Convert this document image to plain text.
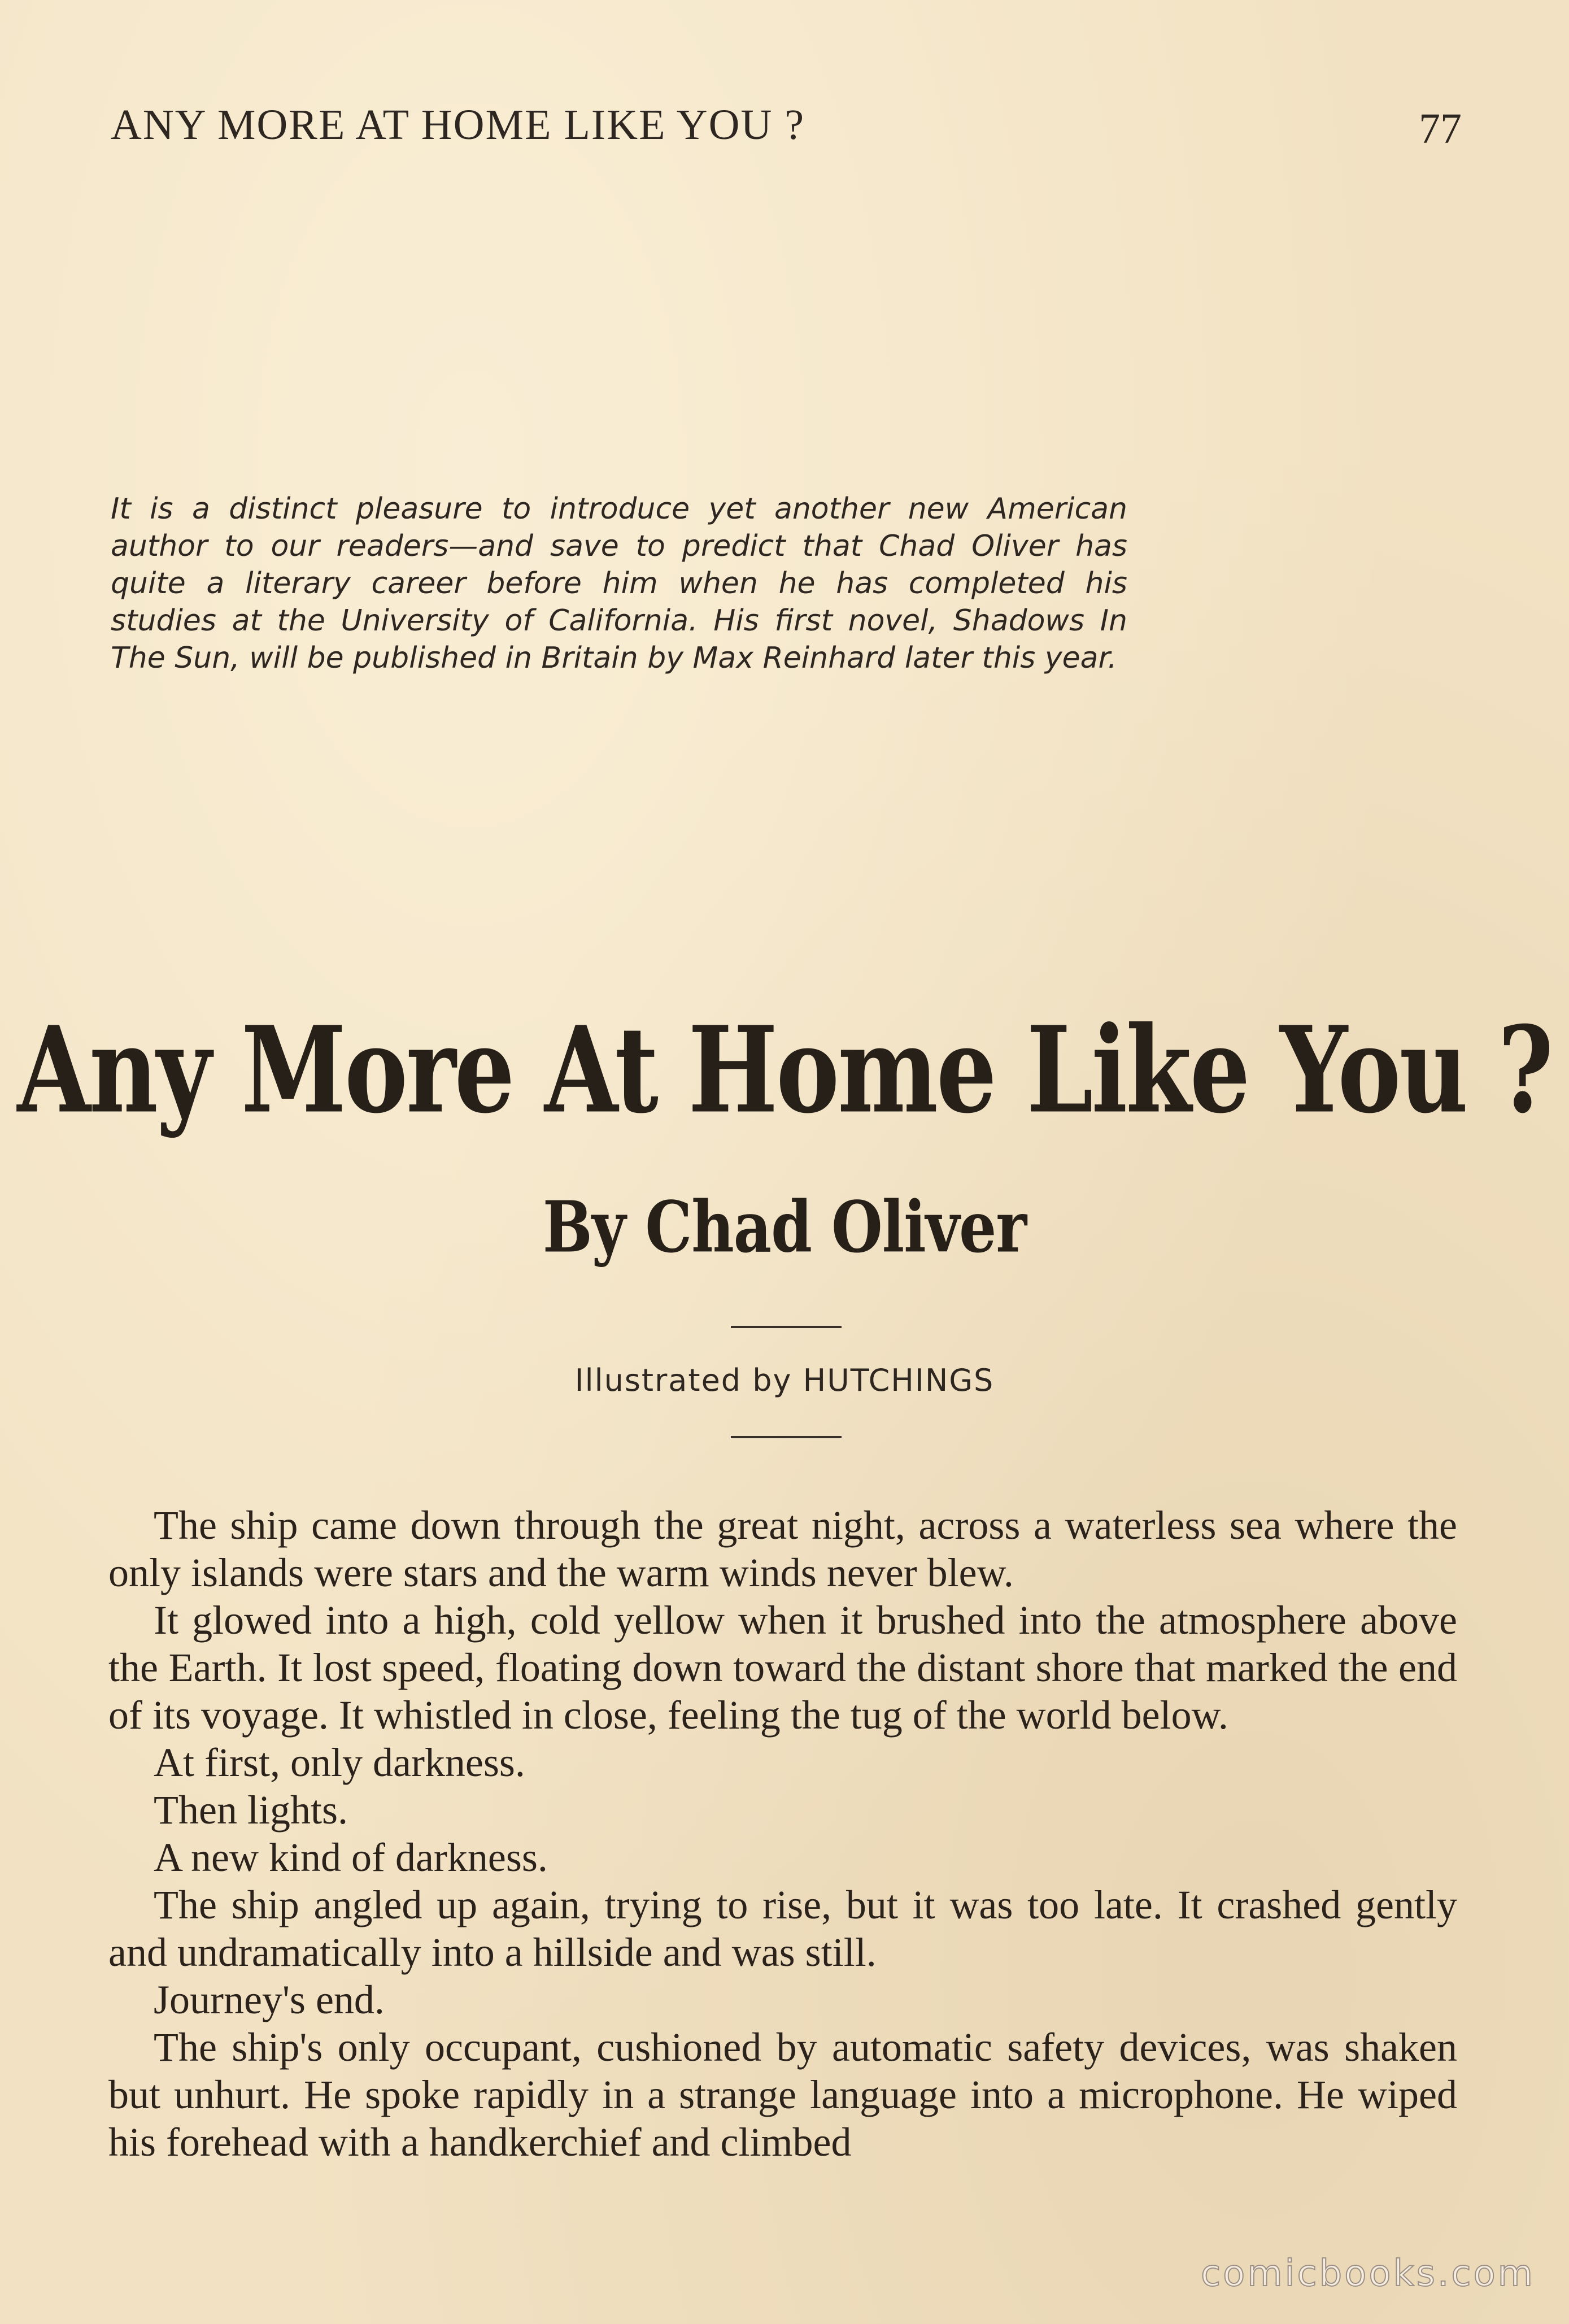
ANY MORE AT HOME LIKE YOU ?	77
It is a distinct pleasure to introduce yet another new American author to our readers—and save to predict that Chad Oliver has quite a literary career before him when he has completed his studies at the University of California. His first novel, Shadows In The Sun, will be published in Britain by Max Reinhard later this year.
Any More At Home Like You ?
By Chad Oliver
Illustrated by HUTCHINGS

The ship came down through the great night, across a waterless sea where the only islands were stars and the warm winds never blew.

It glowed into a high, cold yellow when it brushed into the atmosphere above the Earth. It lost speed, floating down toward the distant shore that marked the end of its voyage. It whistled in close, feeling the tug of the world below.

At first, only darkness.

Then lights.

A new kind of darkness.

The ship angled up again, trying to rise, but it was too late. It crashed gently and undramatically into a hillside and was still.

Journey's end.

The ship's only occupant, cushioned by automatic safety devices, was shaken but unhurt. He spoke rapidly in a strange language into a microphone. He wiped his forehead with a handkerchief and climbed

comicbooks.com
